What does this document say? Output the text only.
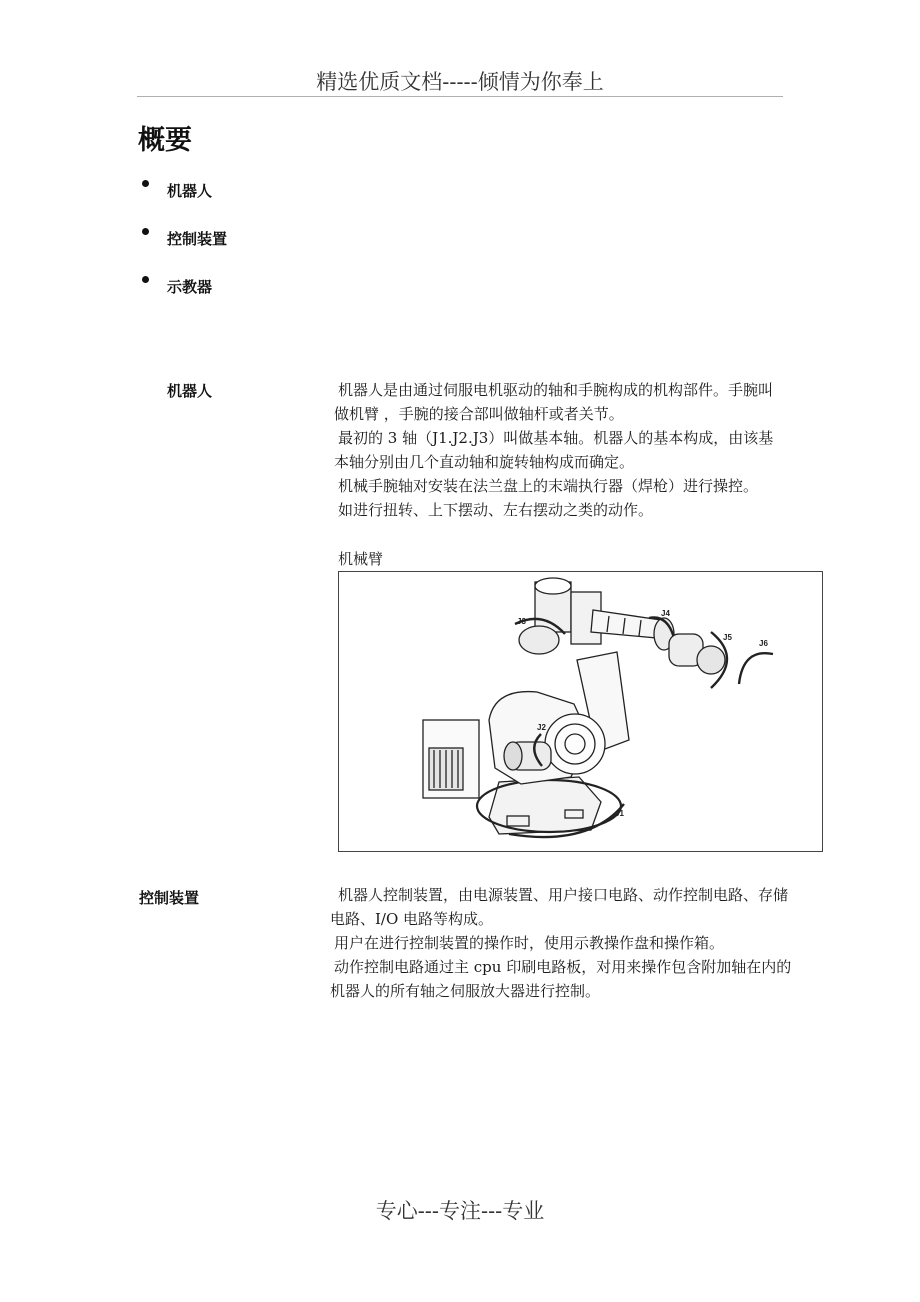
精选优质文档-----倾情为你奉上
概要
机器人
控制装置
示教器
机器人	机器人是由通过伺服电机驱动的轴和手腕构成的机构部件。手腕叫做机臂 ，手腕的接合部叫做轴杆或者关节。

最初的 3 轴（J1.J2.J3）叫做基本轴。机器人的基本构成，由该基本轴分别由几个直动轴和旋转轴构成而确定。

机械手腕轴对安装在法兰盘上的末端执行器（焊枪）进行操控。

如进行扭转、上下摆动、左右摆动之类的动作。

机械臂
J1
J2
J3
J4
J5
J6
控制装置	机器人控制装置，由电源装置、用户接口电路、动作控制电路、存储电路、I/O 电路等构成。

用户在进行控制装置的操作时，使用示教操作盘和操作箱。

动作控制电路通过主 cpu 印刷电路板，对用来操作包含附加轴在内的机器人的所有轴之伺服放大器进行控制。

专心---专注---专业
